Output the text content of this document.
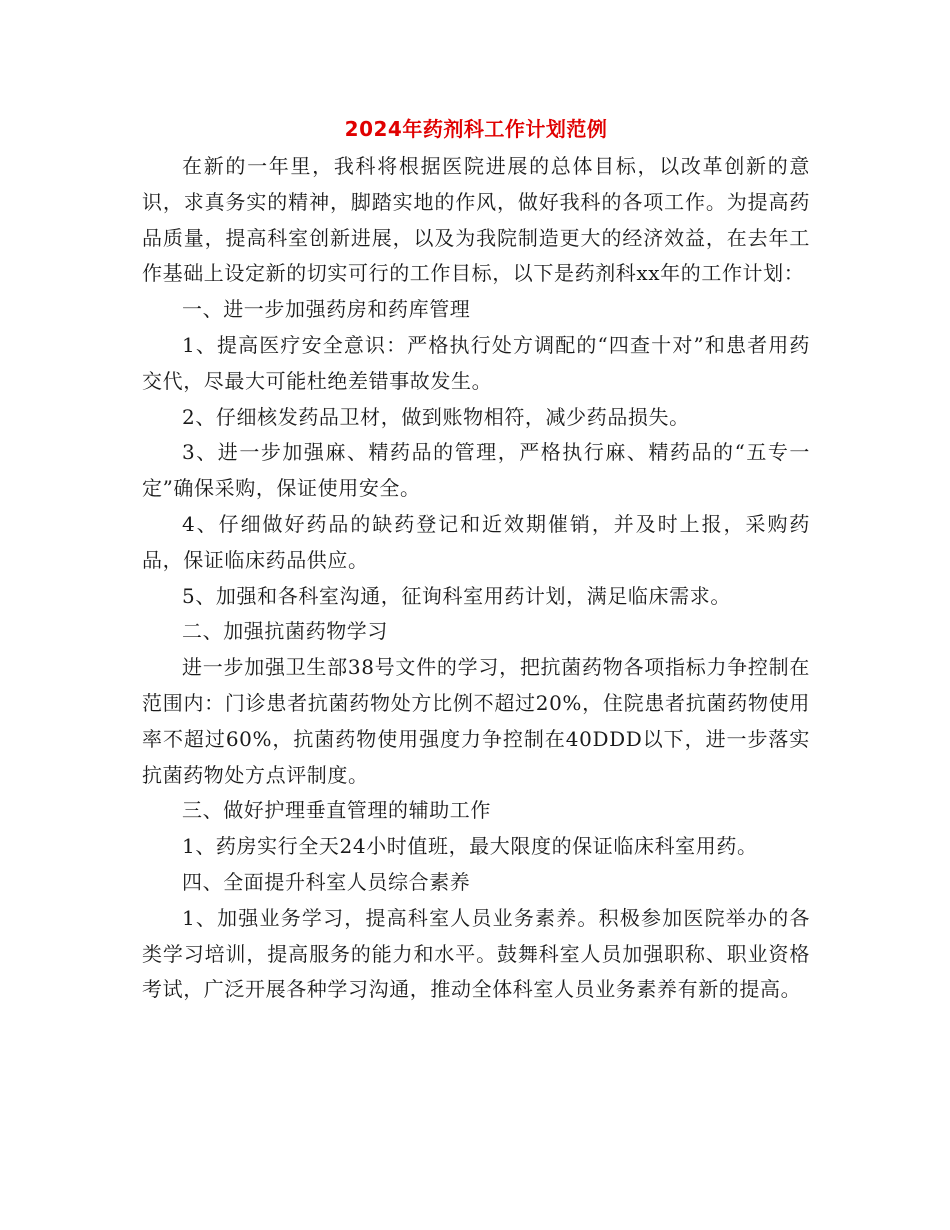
2024年药剂科工作计划范例

在新的一年里，我科将根据医院进展的总体目标，以改革创新的意识，求真务实的精神，脚踏实地的作风，做好我科的各项工作。为提高药品质量，提高科室创新进展，以及为我院制造更大的经济效益，在去年工作基础上设定新的切实可行的工作目标，以下是药剂科xx年的工作计划：

一、进一步加强药房和药库管理

1、提高医疗安全意识：严格执行处方调配的“四查十对”和患者用药交代，尽最大可能杜绝差错事故发生。

2、仔细核发药品卫材，做到账物相符，减少药品损失。

3、进一步加强麻、精药品的管理，严格执行麻、精药品的“五专一定”确保采购，保证使用安全。

4、仔细做好药品的缺药登记和近效期催销，并及时上报，采购药品，保证临床药品供应。

5、加强和各科室沟通，征询科室用药计划，满足临床需求。

二、加强抗菌药物学习

进一步加强卫生部38号文件的学习，把抗菌药物各项指标力争控制在范围内：门诊患者抗菌药物处方比例不超过20%，住院患者抗菌药物使用率不超过60%，抗菌药物使用强度力争控制在40DDD以下，进一步落实抗菌药物处方点评制度。

三、做好护理垂直管理的辅助工作

1、药房实行全天24小时值班，最大限度的保证临床科室用药。

四、全面提升科室人员综合素养

1、加强业务学习，提高科室人员业务素养。积极参加医院举办的各类学习培训，提高服务的能力和水平。鼓舞科室人员加强职称、职业资格考试，广泛开展各种学习沟通，推动全体科室人员业务素养有新的提高。
